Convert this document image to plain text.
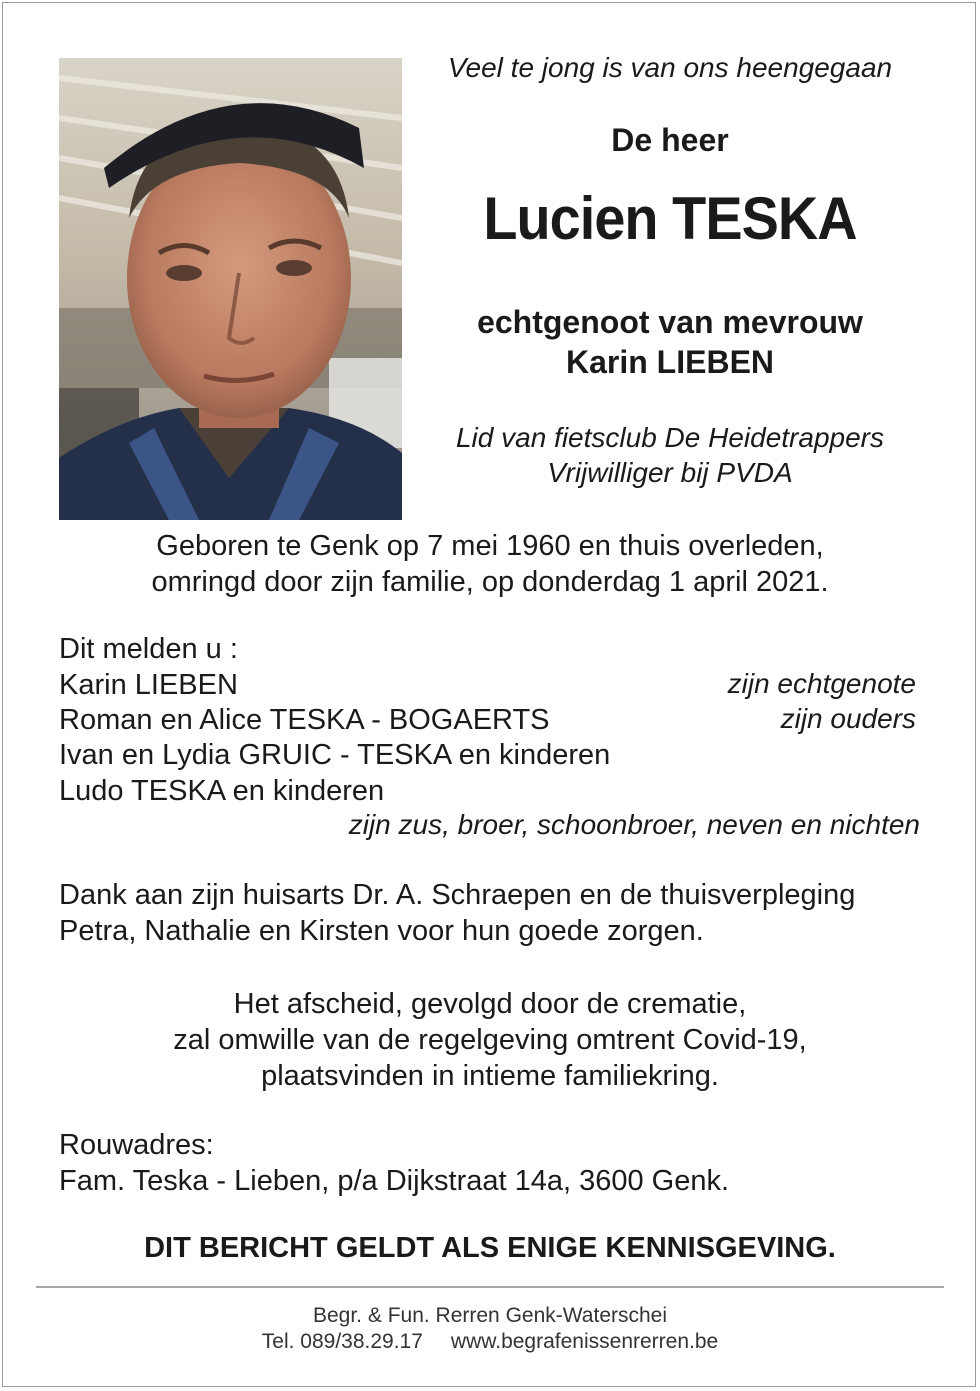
Veel te jong is van ons heengegaan
De heer
Lucien TESKA
echtgenoot van mevrouw
Karin LIEBEN
Lid van fietsclub De Heidetrappers
Vrijwilliger bij PVDA
Geboren te Genk op 7 mei 1960 en thuis overleden,
omringd door zijn familie, op donderdag 1 april 2021.
Dit melden u :
Karin LIEBEN	zijn echtgenote
Roman en Alice TESKA - BOGAERTS	zijn ouders
Ivan en Lydia GRUIC - TESKA en kinderen
Ludo TESKA en kinderen
zijn zus, broer, schoonbroer, neven en nichten
Dank aan zijn huisarts Dr. A. Schraepen en de thuisverpleging
Petra, Nathalie en Kirsten voor hun goede zorgen.
Het afscheid, gevolgd door de crematie,
zal omwille van de regelgeving omtrent Covid-19,
plaatsvinden in intieme familiekring.
Rouwadres:
Fam. Teska - Lieben, p/a Dijkstraat 14a, 3600 Genk.
DIT BERICHT GELDT ALS ENIGE KENNISGEVING.
Begr. & Fun. Rerren Genk-Waterschei
Tel. 089/38.29.17 www.begrafenissenrerren.be
